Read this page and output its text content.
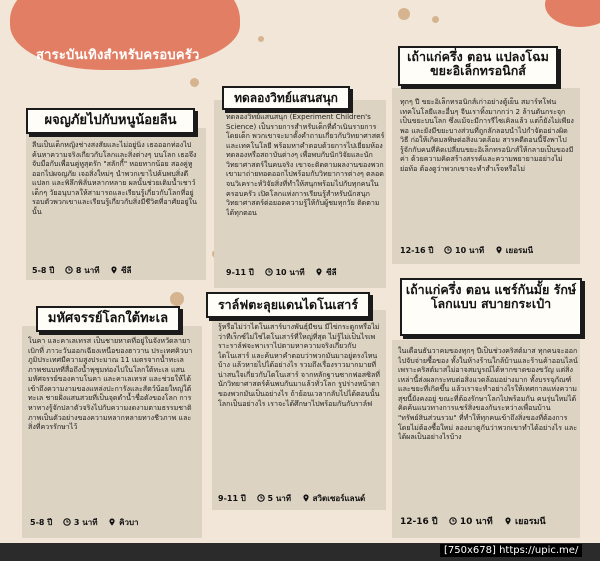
สาระบันเทิงสำหรับครอบครัว
ผจญภัยไปกับหนูน้อยลีน
ลีนเป็นเด็กหญิงช่างสงสัยและไม่อยู่นิ่ง เธอออกท่องไปค้นหาความจริงเกี่ยวกับโลกและสิ่งต่างๆ บนโลก เธอจึงจับมือกับเพื่อนคู่หูสุดรัก "สลักกี้" หอยทากน้อย สองคู่หูออกไปผจญภัย เจอสิ่งใหม่ๆ นำพวกเขาไปค้นพบสิ่งดี แปลก และพิลึกพิลั่นหลากหลาย ผลนั้นช่วยเติมน้ำเชาว์เด็กๆ วัยอนุบาลให้สามารถและเรียนรู้เกี่ยวกับโลกที่อยู่รอบตัวพวกเขาและเรียนรู้เกี่ยวกับสิ่งมีชีวิตที่อาศัยอยู่ในนั้น
5-8 ปี	8 นาที	ซีลี
ทดลองวิทย์แสนสนุก
ทดลองวิทย์แสนสนุก (Experiment Children's Science) เป็นรายการสำหรับเด็กที่ดำเนินรายการโดยเด็ก พวกเขาจะมาตั้งคำถามเกี่ยวกับวิทยาศาสตร์และเทคโนโลยี พร้อมหาคำตอบด้วยการไปเยี่ยมห้องทดลองหรือสถาบันต่างๆ เพื่อพบกับนักวิจัยและนักวิทยาศาสตร์ในคนจริง เขาจะติดตามผลงานของพวกเขามาถ่ายทอดออกไปพร้อมกับวิทยาการต่างๆ ตลอดจนวิเคราะห์วิจัยสิ่งที่ทำให้สนุกพร้อมไปกับทุกคนในครอบครัว เปิดโลกแห่งการเรียนรู้สำหรับนักสนุกวิทยาศาสตร์ต่อยอดความรู้ให้กับผู้ชมทุกวัย ติดตามได้ทุกตอน
9-11 ปี	10 นาที	ซีลี
เถ้าแก่ครึ่ง ตอน แปลงโฉมขยะอิเล็กทรอนิกส์
ทุกๆ ปี ขยะอิเล็กทรอนิกส์เก่าอย่างตู้เย็น สมาร์ทโฟน เทคโนโลยีและอื่นๆ จีนเราทิ้งมากกว่า 2 ล้านตันกระจุกเป็นขยะบนโลก ซึ่งแม้จะมีการรีไซเคิลแล้ว แต่ก็ยังไม่เพียงพอ และยังมีขยะบางส่วนที่ถูกลักลอบนำไปกำจัดอย่างผิดวิธี ก่อให้เกิดมลพิษต่อสิ่งแวดล้อม สารคดีตอนนี้จึงพาไปรู้จักกับคนที่คิดเปลี่ยนขยะอิเล็กทรอนิกส์ให้กลายเป็นของมีค่า ด้วยความคิดสร้างสรรค์และความพยายามอย่างไม่ย่อท้อ ต้องดูว่าพวกเขาจะทำสำเร็จหรือไม่
12-16 ปี	10 นาที	เยอรมนี
มหัศจรรย์โลกใต้ทะเล
โนคา และคาเลเทรส เป็นชายหาดที่อยู่ในจังหวัดลายาเบิกที่ ภาวะวันออกเฉียงเหนือของฮาวาน ประเทศคิวบา ภูมิประเทศมีความสูงประมาณ 11 เมตรจากน้ำทะเล ภาพชนบทที่สื่อถึงน้ำพุชุมท่องไปในโลกใต้ทะเล แสนมหัศจรรย์ของคาบโนคา และคาเลเทรส และช่วยให้ได้เข้าถึงความงามของแหล่งปะการังและสัตว์น้อยใหญ่ใต้ทะเล ชายฝั่งแสนสวยที่เป็นจุดดำน้ำชื่อดังของโลก การหาทางรู้จักปลาตัวจริงไปกับความงดงามตามธรรมชาติ ภาพเป็นตัวอย่างของความหลากหลายทางชีวภาพ และสิ่งที่ควรรักษาไว้
5-8 ปี	3 นาที	คิวบา
ราล์ฟตะลุยแดนไดโนเสาร์
รู้หรือไม่ว่าไดโนเสาร์บางพันธุ์มีขน มีไข่กระดูกหรือไม่ว่าทีเร็กซ์ไม่ใช่ไดโนเสาร์ที่ใหญ่ที่สุด ไม่รู้ไม่เป็นไรเพราะราล์ฟจะพาเราไปตามหาความจริงเกี่ยวกับไดโนเสาร์ และค้นหาคำตอบว่าพวกมันมาอยู่ตรงไหนบ้าง แล้วหายไปได้อย่างไร รวมถึงเรื่องราวมากมายที่น่าสนใจเกี่ยวกับไดโนเสาร์ จากหลักฐานซากฟอสซิลที่นักวิทยาศาสตร์ค้นพบกันมาแล้วทั่วโลก รูปร่างหน้าตาของพวกมันเป็นอย่างไร ถ้าย้อนเวลากลับไปได้ตอนนั้นโลกเป็นอย่างไร เราจะได้ศึกษาไปพร้อมกันกับราล์ฟ
9-11 ปี	5 นาที	สวิตเซอร์แลนด์
เถ้าแก่ครึ่ง ตอน แชร์กันมั้ย รักษ์โลกแบบ สบายกระเป๋า
ในเดือนธันวาคมของทุกๆ ปีเป็นช่วงคริสต์มาส ทุกคนจะออกไปจับจ่ายซื้อของ ทั้งในห้างร้านใกล้บ้านและร้านค้าออนไลน์ เพราะคริสต์มาสไม่อาจสมบูรณ์ได้หากขาดของขวัญ แต่สิ่งเหล่านี้ส่งผลกระทบต่อสิ่งแวดล้อมอย่างมาก ทั้งบรรจุภัณฑ์และขยะที่เกิดขึ้น แล้วเราจะทำอย่างไรให้เทศกาลแห่งความสุขนี้ยังคงอยู่ ขณะที่ต้องรักษาโลกไปพร้อมกัน คนรุ่นใหม่ได้คิดค้นแนวทางการแชร์สิ่งของกันระหว่างเพื่อนบ้าน "ทรัพย์สินส่วนรวม" ที่ทำให้ทุกคนเข้าถึงสิ่งของที่ต้องการโดยไม่ต้องซื้อใหม่ ลองมาดูกันว่าพวกเขาทำได้อย่างไร และได้ผลเป็นอย่างไรบ้าง
12-16 ปี 10 นาที เยอรมนี
[750x678] https://upic.me/
